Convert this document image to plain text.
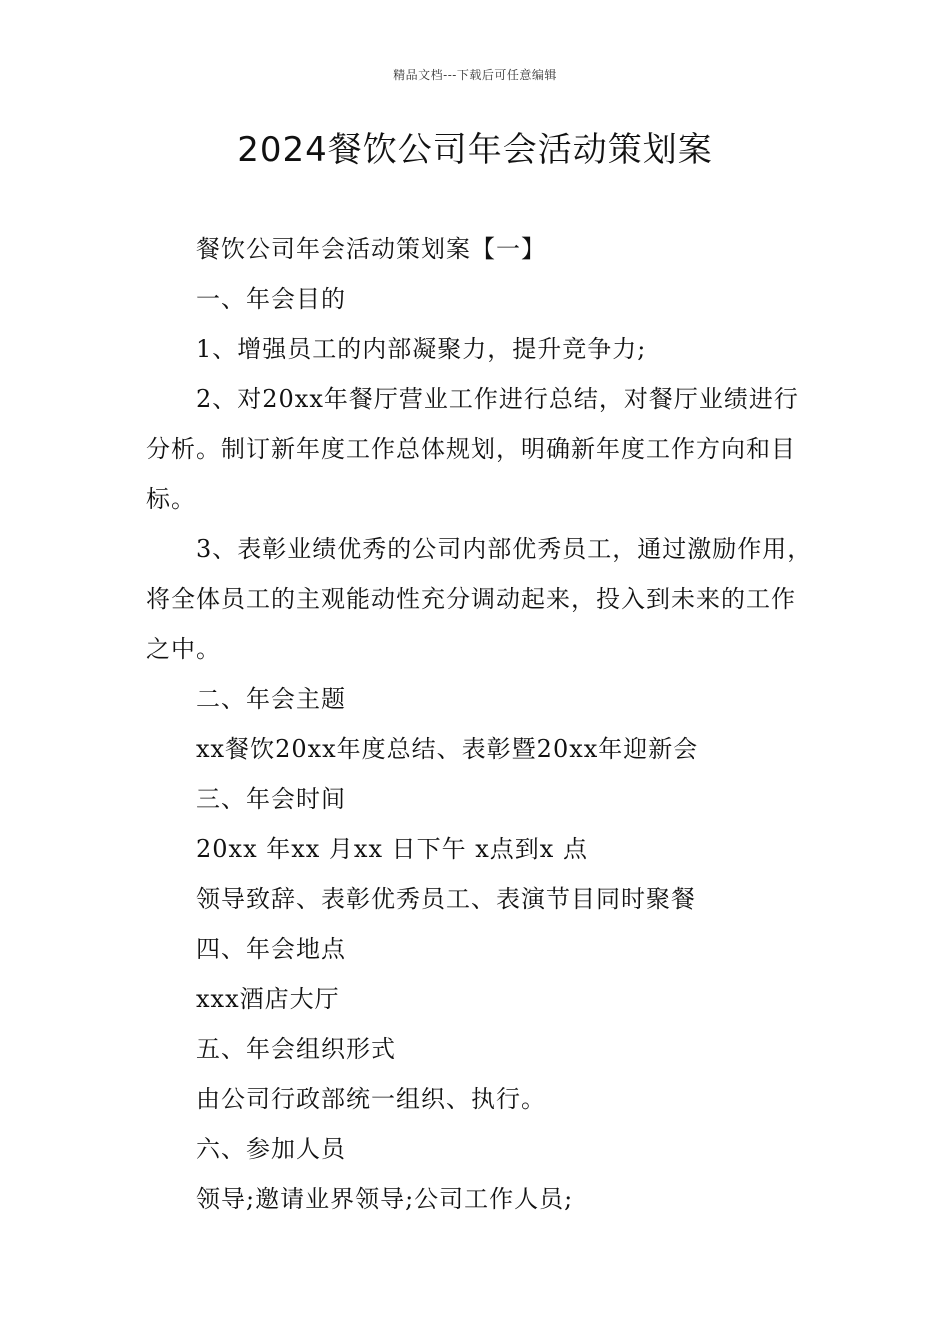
精品文档---下载后可任意编辑
2024餐饮公司年会活动策划案

餐饮公司年会活动策划案【一】

一、年会目的

1、增强员工的内部凝聚力，提升竞争力;

2、对20xx年餐厅营业工作进行总结，对餐厅业绩进行分析。制订新年度工作总体规划，明确新年度工作方向和目标。

3、表彰业绩优秀的公司内部优秀员工，通过激励作用，将全体员工的主观能动性充分调动起来，投入到未来的工作之中。

二、年会主题

xx餐饮20xx年度总结、表彰暨20xx年迎新会

三、年会时间

20xx 年xx 月xx 日下午 x点到x 点

领导致辞、表彰优秀员工、表演节目同时聚餐

四、年会地点

xxx酒店大厅

五、年会组织形式

由公司行政部统一组织、执行。

六、参加人员

领导;邀请业界领导;公司工作人员;
